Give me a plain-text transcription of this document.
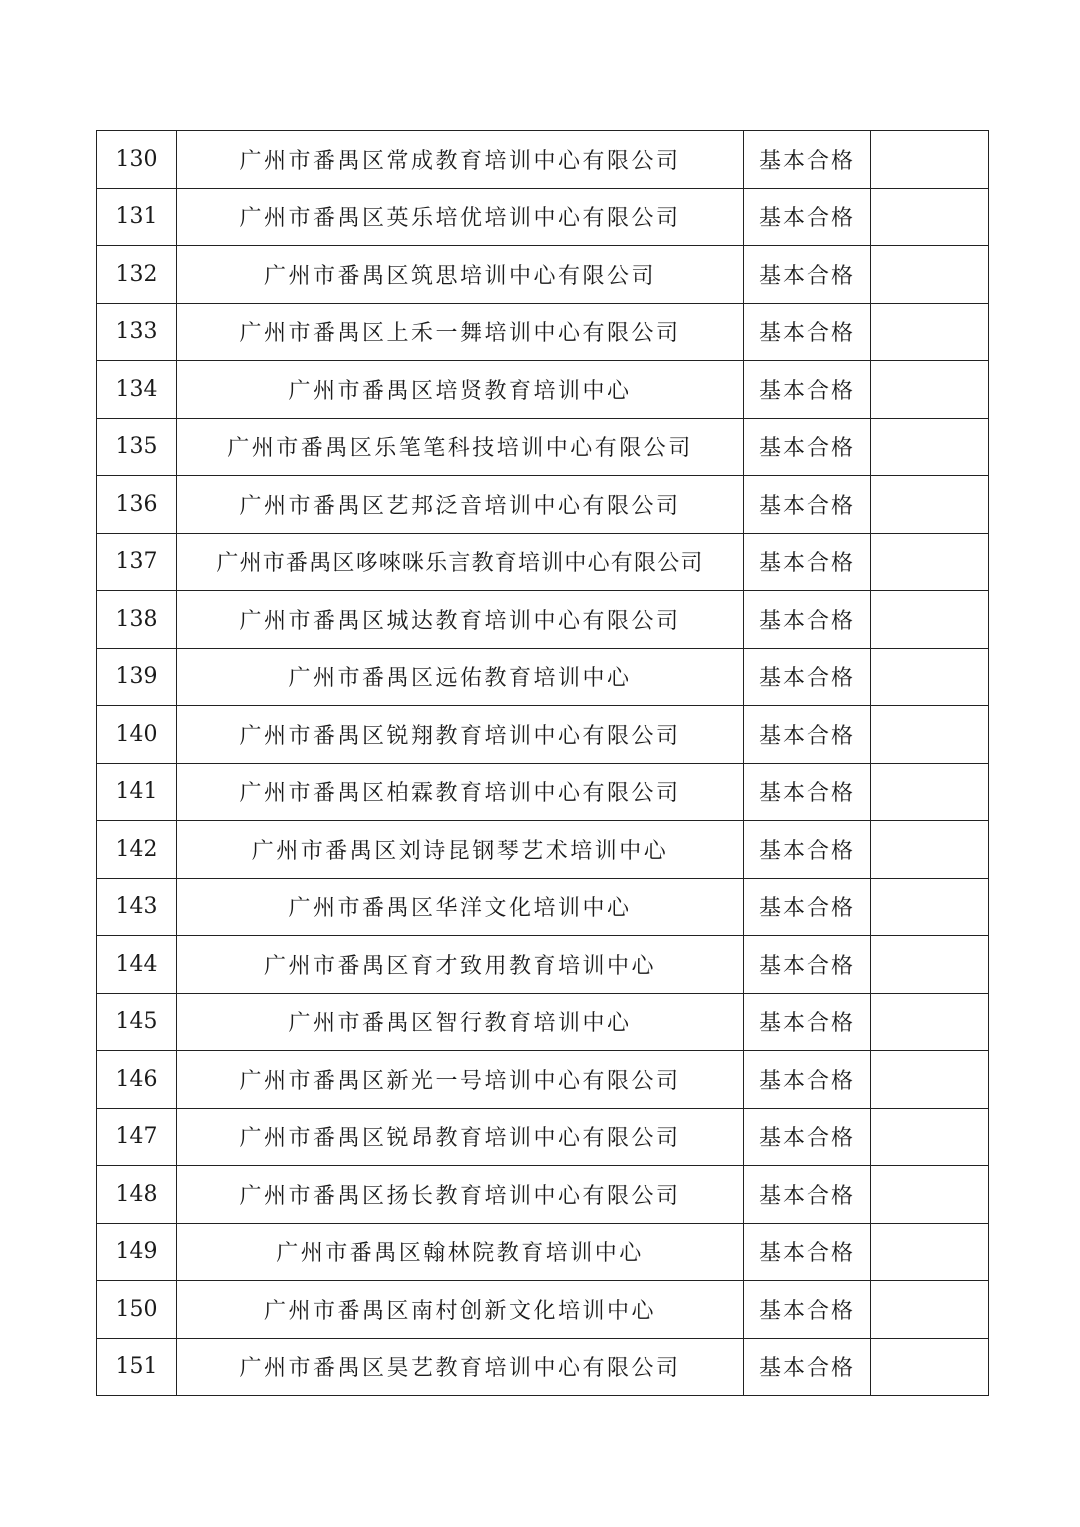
130	广州市番禺区常成教育培训中心有限公司	基本合格	
131	广州市番禺区英乐培优培训中心有限公司	基本合格	
132	广州市番禺区筑思培训中心有限公司	基本合格	
133	广州市番禺区上禾一舞培训中心有限公司	基本合格	
134	广州市番禺区培贤教育培训中心	基本合格	
135	广州市番禺区乐笔笔科技培训中心有限公司	基本合格	
136	广州市番禺区艺邦泛音培训中心有限公司	基本合格	
137	广州市番禺区哆唻咪乐言教育培训中心有限公司	基本合格	
138	广州市番禺区城达教育培训中心有限公司	基本合格	
139	广州市番禺区远佑教育培训中心	基本合格	
140	广州市番禺区锐翔教育培训中心有限公司	基本合格	
141	广州市番禺区柏霖教育培训中心有限公司	基本合格	
142	广州市番禺区刘诗昆钢琴艺术培训中心	基本合格	
143	广州市番禺区华洋文化培训中心	基本合格	
144	广州市番禺区育才致用教育培训中心	基本合格	
145	广州市番禺区智行教育培训中心	基本合格	
146	广州市番禺区新光一号培训中心有限公司	基本合格	
147	广州市番禺区锐昂教育培训中心有限公司	基本合格	
148	广州市番禺区扬长教育培训中心有限公司	基本合格	
149	广州市番禺区翰林院教育培训中心	基本合格	
150	广州市番禺区南村创新文化培训中心	基本合格	
151	广州市番禺区昊艺教育培训中心有限公司	基本合格	
